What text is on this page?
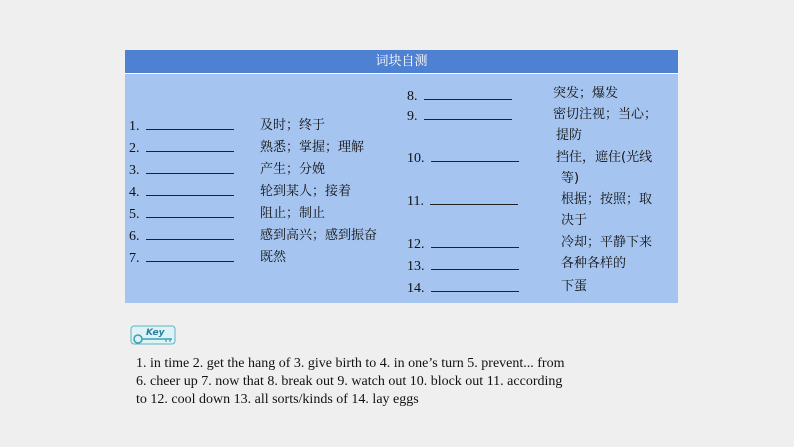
词块自测
1.	及时；终于
2.	熟悉；掌握；理解
3.	产生；分娩
4.	轮到某人；接着
5.	阻止；制止
6.	感到高兴；感到振奋
7.	既然
8.	突发；爆发
9.	密切注视；当心；
提防
10.	挡住，遮住(光线
等)
11.	根据；按照；取
决于
12.	冷却；平静下来
13.	各种各样的
14.	下蛋
Key
1. in time 2. get the hang of 3. give birth to 4. in one’s turn 5. prevent... from
6. cheer up 7. now that 8. break out 9. watch out 10. block out 11. according
to 12. cool down 13. all sorts/kinds of 14. lay eggs
